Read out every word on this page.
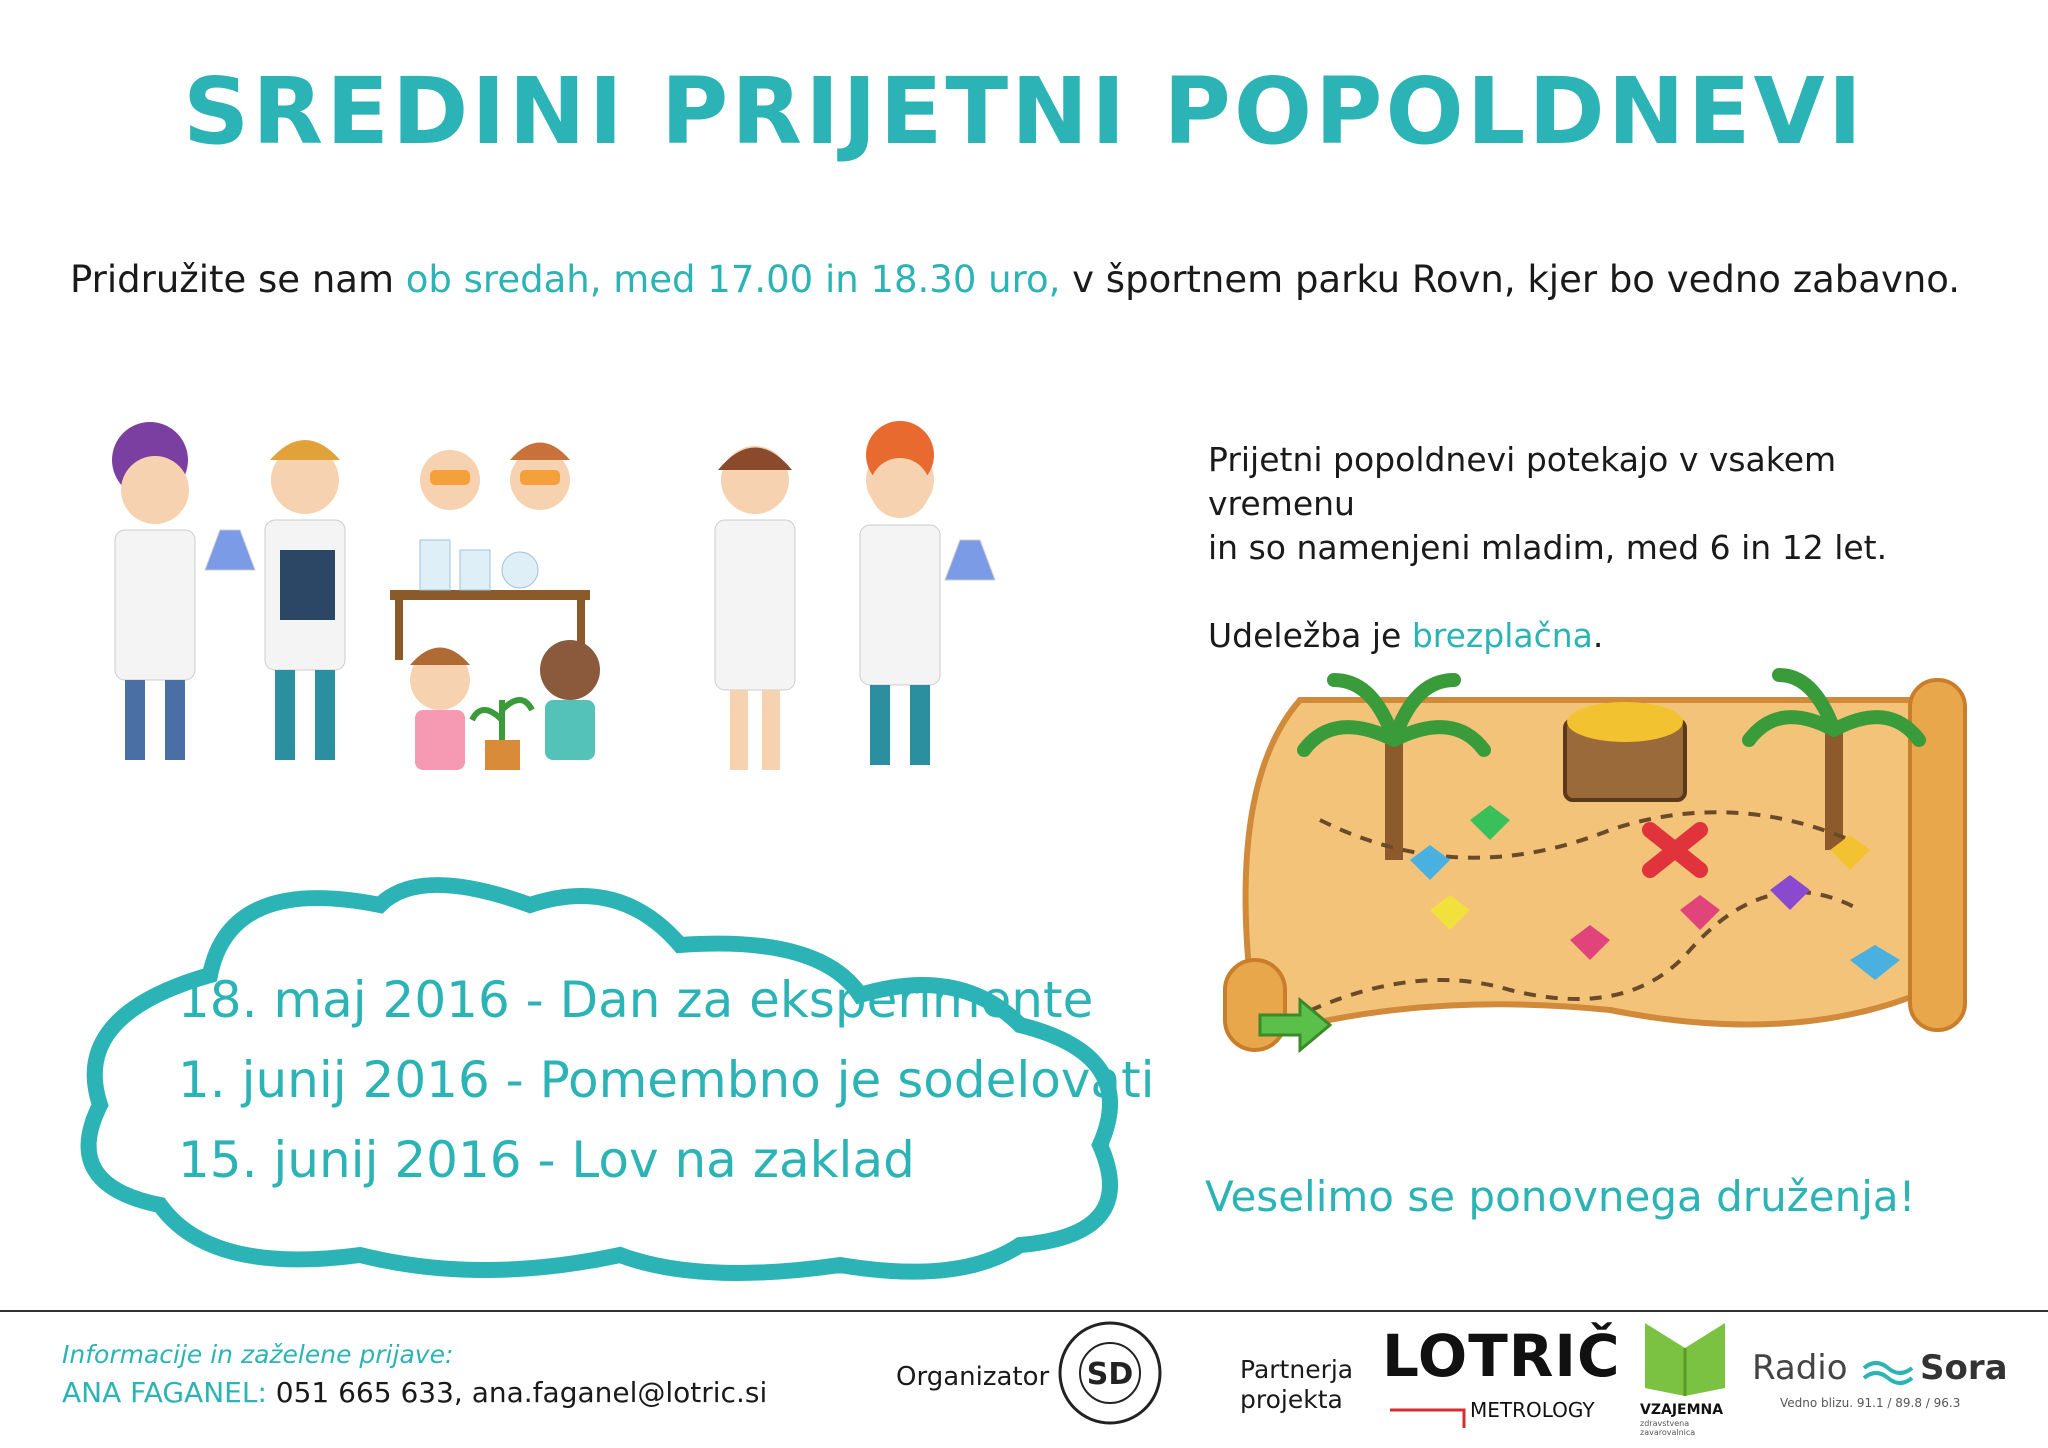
SREDINI PRIJETNI POPOLDNEVI
Pridružite se nam ob sredah, med 17.00 in 18.30 uro, v športnem parku Rovn, kjer bo vedno zabavno.

Prijetni popoldnevi potekajo v vsakem vremenu

in so namenjeni mladim, med 6 in 12 let.

Udeležba je brezplačna.

18. maj 2016 - Dan za eksperimente
1. junij 2016 - Pomembno je sodelovati
15. junij 2016 - Lov na zaklad
Veselimo se ponovnega druženja!
Informacije in zaželene prijave:
ANA FAGANEL: 051 665 633, ana.faganel@lotric.si	Organizator SD	Partnerja
projekta
LOTRIČ
METROLOGY	VZAJEMNA
zdravstvena zavarovalnica
Radio Sora
Vedno blizu. 91.1 / 89.8 / 96.3
